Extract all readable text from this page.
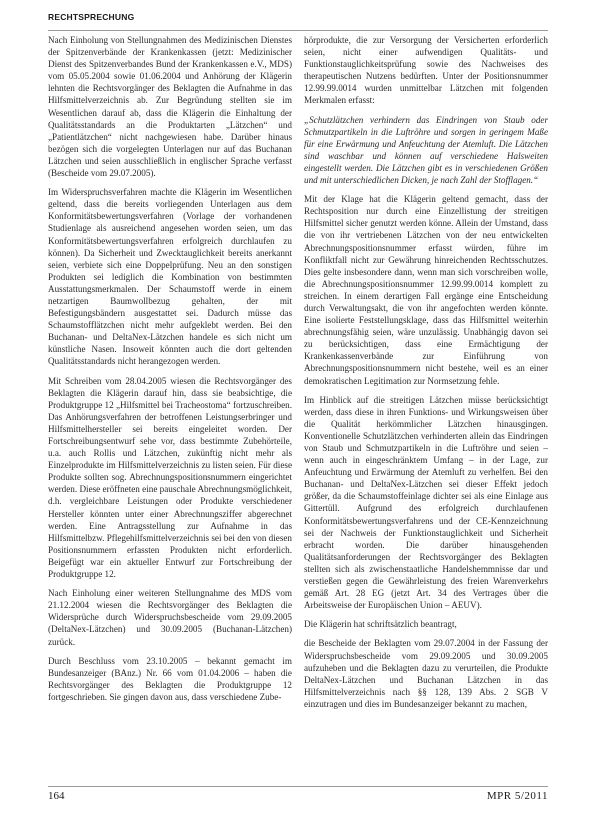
RECHTSPRECHUNG

Nach Einholung von Stellungnahmen des Medizinischen Dienstes der Spitzenverbände der Krankenkassen (jetzt: Medizinischer Dienst des Spitzenverbandes Bund der Krankenkassen e.V., MDS) vom 05.05.2004 sowie 01.06.2004 und Anhörung der Klägerin lehnten die Rechtsvorgänger des Beklagten die Aufnahme in das Hilfsmittelverzeichnis ab. Zur Begründung stellten sie im Wesentlichen darauf ab, dass die Klägerin die Einhaltung der Qualitätsstandards an die Produktarten „Lätzchen“ und „Patientlätzchen“ nicht nachgewiesen habe. Darüber hinaus bezögen sich die vorgelegten Unterlagen nur auf das Buchanan Lätzchen und seien ausschließlich in englischer Sprache verfasst (Bescheide vom 29.07.2005).

Im Widerspruchsverfahren machte die Klägerin im Wesentlichen geltend, dass die bereits vorliegenden Unterlagen aus dem Konformitätsbewertungsverfahren (Vorlage der vorhandenen Studienlage als ausreichend angesehen worden seien, um das Konformitätsbewertungsverfahren erfolgreich durchlaufen zu können). Da Sicherheit und Zwecktauglichkeit bereits anerkannt seien, verbiete sich eine Doppelprüfung. Neu an den sonstigen Produkten sei lediglich die Kombination von bestimmten Ausstattungsmerkmalen. Der Schaumstoff werde in einem netzartigen Baumwollbezug gehalten, der mit Befestigungsbändern ausgestattet sei. Dadurch müsse das Schaumstofflätzchen nicht mehr aufgeklebt werden. Bei den Buchanan- und DeltaNex-Lätzchen handele es sich nicht um künstliche Nasen. Insoweit könnten auch die dort geltenden Qualitätsstandards nicht herangezogen werden.

Mit Schreiben vom 28.04.2005 wiesen die Rechtsvorgänger des Beklagten die Klägerin darauf hin, dass sie beabsichtige, die Produktgruppe 12 „Hilfsmittel bei Tracheostoma“ fortzuschreiben. Das Anhörungsverfahren der betroffenen Leistungserbringer und Hilfsmittelhersteller sei bereits eingeleitet worden. Der Fortschreibungsentwurf sehe vor, dass bestimmte Zubehörteile, u.a. auch Rollis und Lätzchen, zukünftig nicht mehr als Einzelprodukte im Hilfsmittelverzeichnis zu listen seien. Für diese Produkte sollten sog. Abrechnungspositionsnummern eingerichtet werden. Diese eröffneten eine pauschale Abrechnungsmöglichkeit, d.h. vergleichbare Leistungen oder Produkte verschiedener Hersteller könnten unter einer Abrechnungsziffer abgerechnet werden. Eine Antragsstellung zur Aufnahme in das Hilfsmittelbzw. Pflegehilfsmittelverzeichnis sei bei den von diesen Positionsnummern erfassten Produkten nicht erforderlich. Beigefügt war ein aktueller Entwurf zur Fortschreibung der Produktgruppe 12.

Nach Einholung einer weiteren Stellungnahme des MDS vom 21.12.2004 wiesen die Rechtsvorgänger des Beklagten die Widersprüche durch Widerspruchsbescheide vom 29.09.2005 (DeltaNex-Lätzchen) und 30.09.2005 (Buchanan-Lätzchen) zurück.

Durch Beschluss vom 23.10.2005 – bekannt gemacht im Bundesanzeiger (BAnz.) Nr. 66 vom 01.04.2006 – haben die Rechtsvorgänger des Beklagten die Produktgruppe 12 fortgeschrieben. Sie gingen davon aus, dass verschiedene Zube-

hörprodukte, die zur Versorgung der Versicherten erforderlich seien, nicht einer aufwendigen Qualitäts- und Funktionstauglichkeitsprüfung sowie des Nachweises des therapeutischen Nutzens bedürften. Unter der Positionsnummer 12.99.99.0014 wurden unmittelbar Lätzchen mit folgenden Merkmalen erfasst:

„Schutzlätzchen verhindern das Eindringen von Staub oder Schmutzpartikeln in die Luftröhre und sorgen in geringem Maße für eine Erwärmung und Anfeuchtung der Atemluft. Die Lätzchen sind waschbar und können auf verschiedene Halsweiten eingestellt werden. Die Lätzchen gibt es in verschiedenen Größen und mit unterschiedlichen Dicken, je nach Zahl der Stofflagen.“

Mit der Klage hat die Klägerin geltend gemacht, dass der Rechtsposition nur durch eine Einzellistung der streitigen Hilfsmittel sicher genutzt werden könne. Allein der Umstand, dass die von ihr vertriebenen Lätzchen von der neu entwickelten Abrechnungspositionsnummer erfasst würden, führe im Konfliktfall nicht zur Gewährung hinreichenden Rechtsschutzes. Dies gelte insbesondere dann, wenn man sich vorschreiben wolle, die Abrechnungspositionsnummer 12.99.99.0014 komplett zu streichen. In einem derartigen Fall ergänge eine Entscheidung durch Verwaltungsakt, die von ihr angefochten werden könnte. Eine isolierte Feststellungsklage, dass das Hilfsmittel weiterhin abrechnungsfähig seien, wäre unzulässig. Unabhängig davon sei zu berücksichtigen, dass eine Ermächtigung der Krankenkassenverbände zur Einführung von Abrechnungspositionsnummern nicht bestehe, weil es an einer demokratischen Legitimation zur Normsetzung fehle.

Im Hinblick auf die streitigen Lätzchen müsse berücksichtigt werden, dass diese in ihren Funktions- und Wirkungsweisen über die Qualität herkömmlicher Lätzchen hinausgingen. Konventionelle Schutzlätzchen verhinderten allein das Eindringen von Staub und Schmutzpartikeln in die Luftröhre und seien – wenn auch in eingeschränktem Umfang – in der Lage, zur Anfeuchtung und Erwärmung der Atemluft zu verhelfen. Bei den Buchanan- und DeltaNex-Lätzchen sei dieser Effekt jedoch größer, da die Schaumstoffeinlage dichter sei als eine Einlage aus Gittertüll. Aufgrund des erfolgreich durchlaufenen Konformitätsbewertungsverfahrens und der CE-Kennzeichnung sei der Nachweis der Funktionstauglichkeit und Sicherheit erbracht worden. Die darüber hinausgehenden Qualitätsanforderungen der Rechtsvorgänger des Beklagten stellten sich als zwischenstaatliche Handelshemmnisse dar und verstießen gegen die Gewährleistung des freien Warenverkehrs gemäß Art. 28 EG (jetzt Art. 34 des Vertrages über die Arbeitsweise der Europäischen Union – AEUV).

Die Klägerin hat schriftsätzlich beantragt,

die Bescheide der Beklagten vom 29.07.2004 in der Fassung der Widerspruchsbescheide vom 29.09.2005 und 30.09.2005 aufzuheben und die Beklagten dazu zu verurteilen, die Produkte DeltaNex-Lätzchen und Buchanan Lätzchen in das Hilfsmittelverzeichnis nach §§ 128, 139 Abs. 2 SGB V einzutragen und dies im Bundesanzeiger bekannt zu machen,

164	MPR 5/2011
